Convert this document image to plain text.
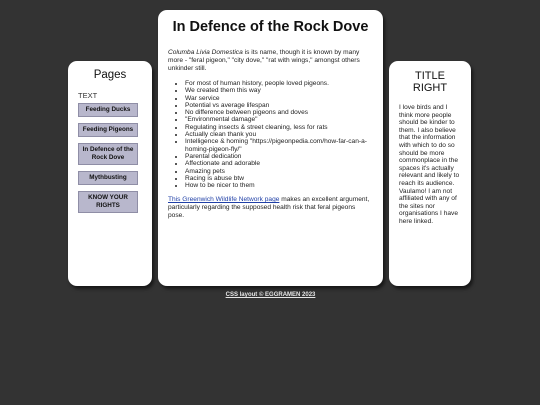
Pages
TEXT
Feeding Ducks
Feeding Pigeons
In Defence of the Rock Dove
Mythbusting
KNOW YOUR RIGHTS
In Defence of the Rock Dove

Columba Livia Domestica is its name, though it is known by many more - "feral pigeon," "city dove," "rat with wings," amongst others unkinder still.

• For most of human history, people loved pigeons.
• We created them this way
• War service
• Potential vs average lifespan
• No difference between pigeons and doves
• "Environmental damage"
• Regulating insects & street cleaning, less for rats
• Actually clean thank you
• Intelligence & homing "https://pigeonpedia.com/how-far-can-a-homing-pigeon-fly/"
• Parental dedication
• Affectionate and adorable
• Amazing pets
• Racing is abuse btw
• How to be nicer to them

This Greenwich Wildlife Network page makes an excellent argument, particularly regarding the supposed health risk that feral pigeons pose.

TITLE RIGHT

I love birds and I think more people should be kinder to them. I also believe that the information with which to do so should be more commonplace in the spaces it's actually relevant and likely to reach its audience. Vaulamo! I am not affiliated with any of the sites nor organisations I have here linked.

CSS layout © EGGRAMEN 2023
